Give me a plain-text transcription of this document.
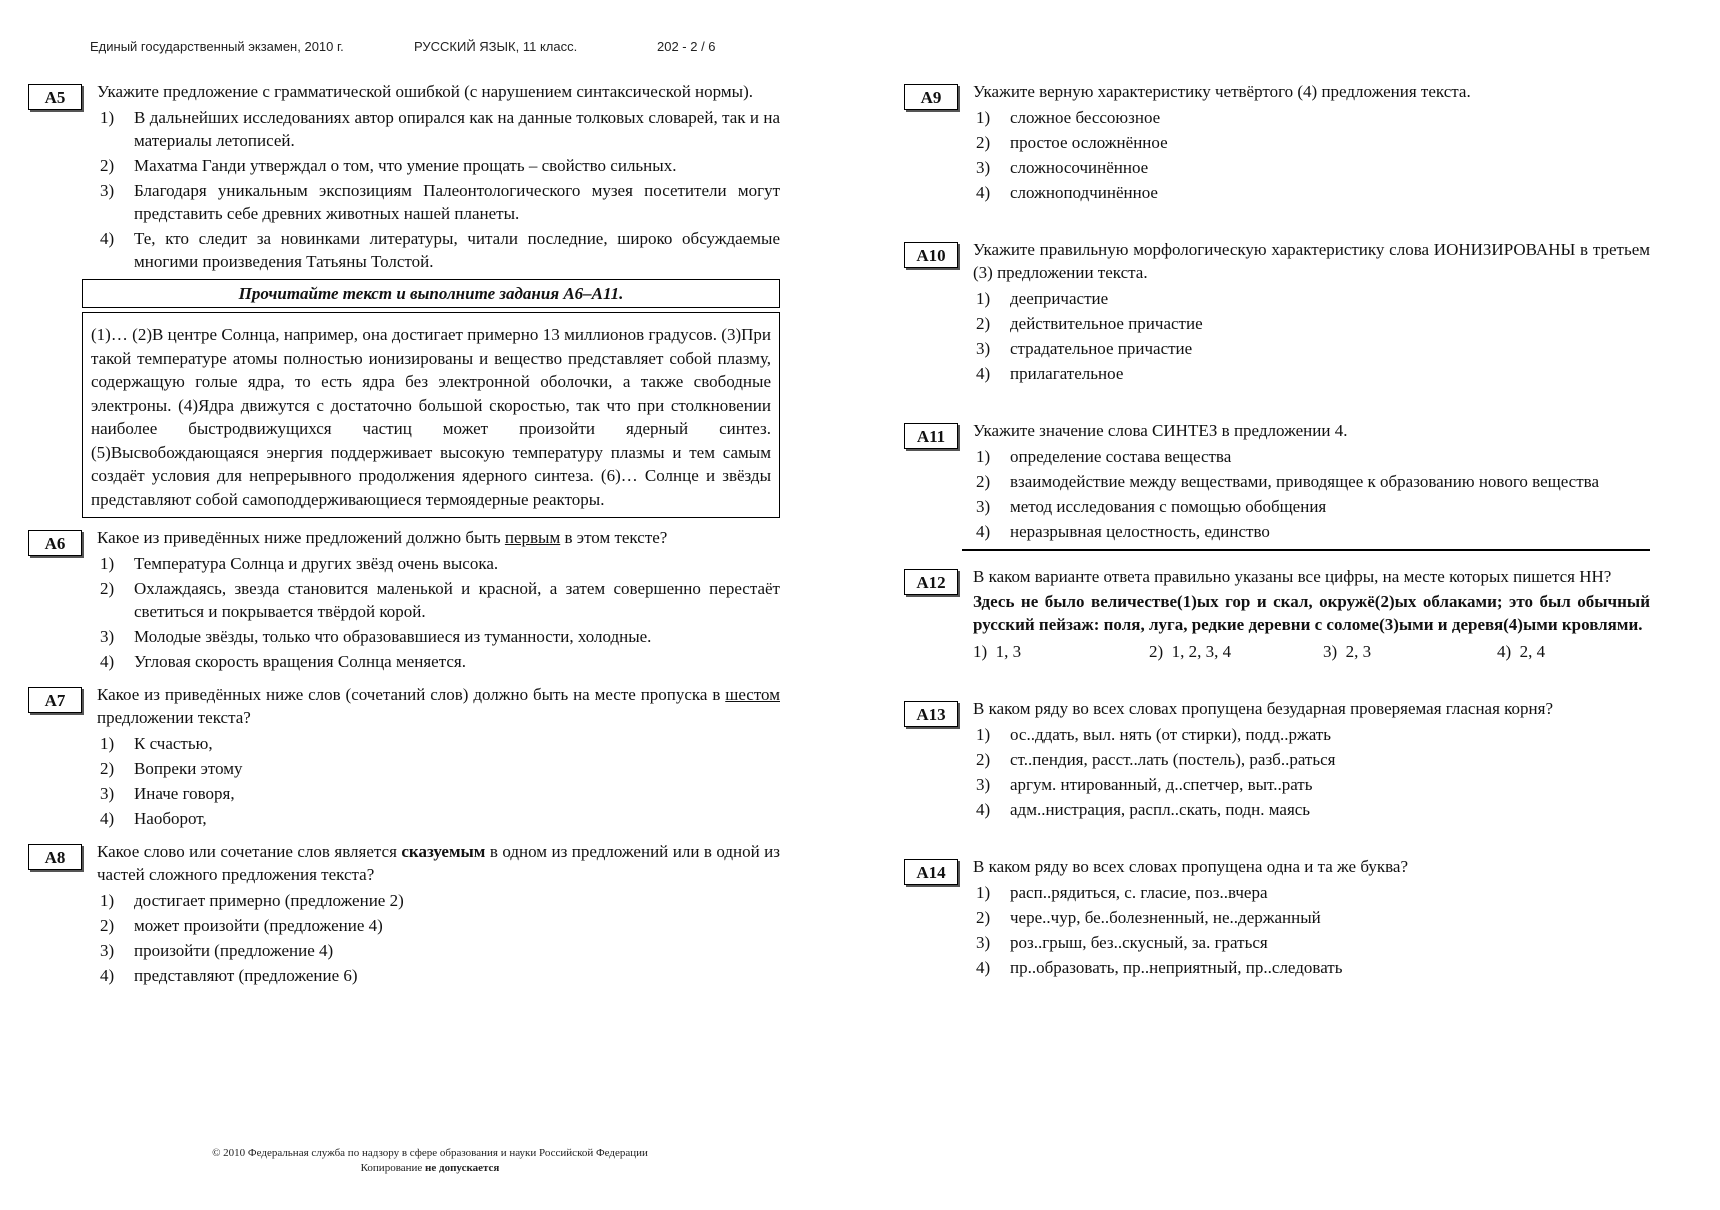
Единый государственный экзамен, 2010 г.	РУССКИЙ ЯЗЫК, 11 класс.	202 - 2 / 6
A5	Укажите предложение с грамматической ошибкой (с нарушением синтаксической нормы).
1) В дальнейших исследованиях автор опирался как на данные толковых словарей, так и на материалы летописей.
2) Махатма Ганди утверждал о том, что умение прощать – свойство сильных.
3) Благодаря уникальным экспозициям Палеонтологического музея посетители могут представить себе древних животных нашей планеты.
4) Те, кто следит за новинками литературы, читали последние, широко обсуждаемые многими произведения Татьяны Толстой.
Прочитайте текст и выполните задания А6–А11.
(1)… (2)В центре Солнца, например, она достигает примерно 13 миллионов градусов. (3)При такой температуре атомы полностью ионизированы и вещество представляет собой плазму, содержащую голые ядра, то есть ядра без электронной оболочки, а также свободные электроны. (4)Ядра движутся с достаточно большой скоростью, так что при столкновении наиболее быстродвижущихся частиц может произойти ядерный синтез. (5)Высвобождающаяся энергия поддерживает высокую температуру плазмы и тем самым создаёт условия для непрерывного продолжения ядерного синтеза. (6)… Солнце и звёзды представляют собой самоподдерживающиеся термоядерные реакторы.
A6	Какое из приведённых ниже предложений должно быть первым в этом тексте?
1) Температура Солнца и других звёзд очень высока.
2) Охлаждаясь, звезда становится маленькой и красной, а затем совершенно перестаёт светиться и покрывается твёрдой корой.
3) Молодые звёзды, только что образовавшиеся из туманности, холодные.
4) Угловая скорость вращения Солнца меняется.
A7	Какое из приведённых ниже слов (сочетаний слов) должно быть на месте пропуска в шестом предложении текста?
1) К счастью,
2) Вопреки этому
3) Иначе говоря,
4) Наоборот,
A8	Какое слово или сочетание слов является сказуемым в одном из предложений или в одной из частей сложного предложения текста?
1) достигает примерно (предложение 2)
2) может произойти (предложение 4)
3) произойти (предложение 4)
4) представляют (предложение 6)
A9	Укажите верную характеристику четвёртого (4) предложения текста.
1) сложное бессоюзное
2) простое осложнённое
3) сложносочинённое
4) сложноподчинённое
A10	Укажите правильную морфологическую характеристику слова ИОНИЗИРОВАНЫ в третьем (3) предложении текста.
1) деепричастие
2) действительное причастие
3) страдательное причастие
4) прилагательное
A11	Укажите значение слова СИНТЕЗ в предложении 4.
1) определение состава вещества
2) взаимодействие между веществами, приводящее к образованию нового вещества
3) метод исследования с помощью обобщения
4) неразрывная целостность, единство
A12	В каком варианте ответа правильно указаны все цифры, на месте которых пишется НН?
Здесь не было величестве(1)ых гор и скал, окружё(2)ых облаками; это был обычный русский пейзаж: поля, луга, редкие деревни с соломе(3)ыми и деревя(4)ыми кровлями.
1) 1, 3	2) 1, 2, 3, 4	3) 2, 3	4) 2, 4
A13	В каком ряду во всех словах пропущена безударная проверяемая гласная корня?
1) ос..ддать, выл. нять (от стирки), подд..ржать
2) ст..пендия, расст..лать (постель), разб..раться
3) аргум. нтированный, д..спетчер, выт..рать
4) адм..нистрация, распл..скать, подн. маясь
A14	В каком ряду во всех словах пропущена одна и та же буква?
1) расп..рядиться, с. гласие, поз..вчера
2) чере..чур, бе..болезненный, не..держанный
3) роз..грыш, без..скусный, за. граться
4) пр..образовать, пр..неприятный, пр..следовать
© 2010 Федеральная служба по надзору в сфере образования и науки Российской Федерации
Копирование не допускается
